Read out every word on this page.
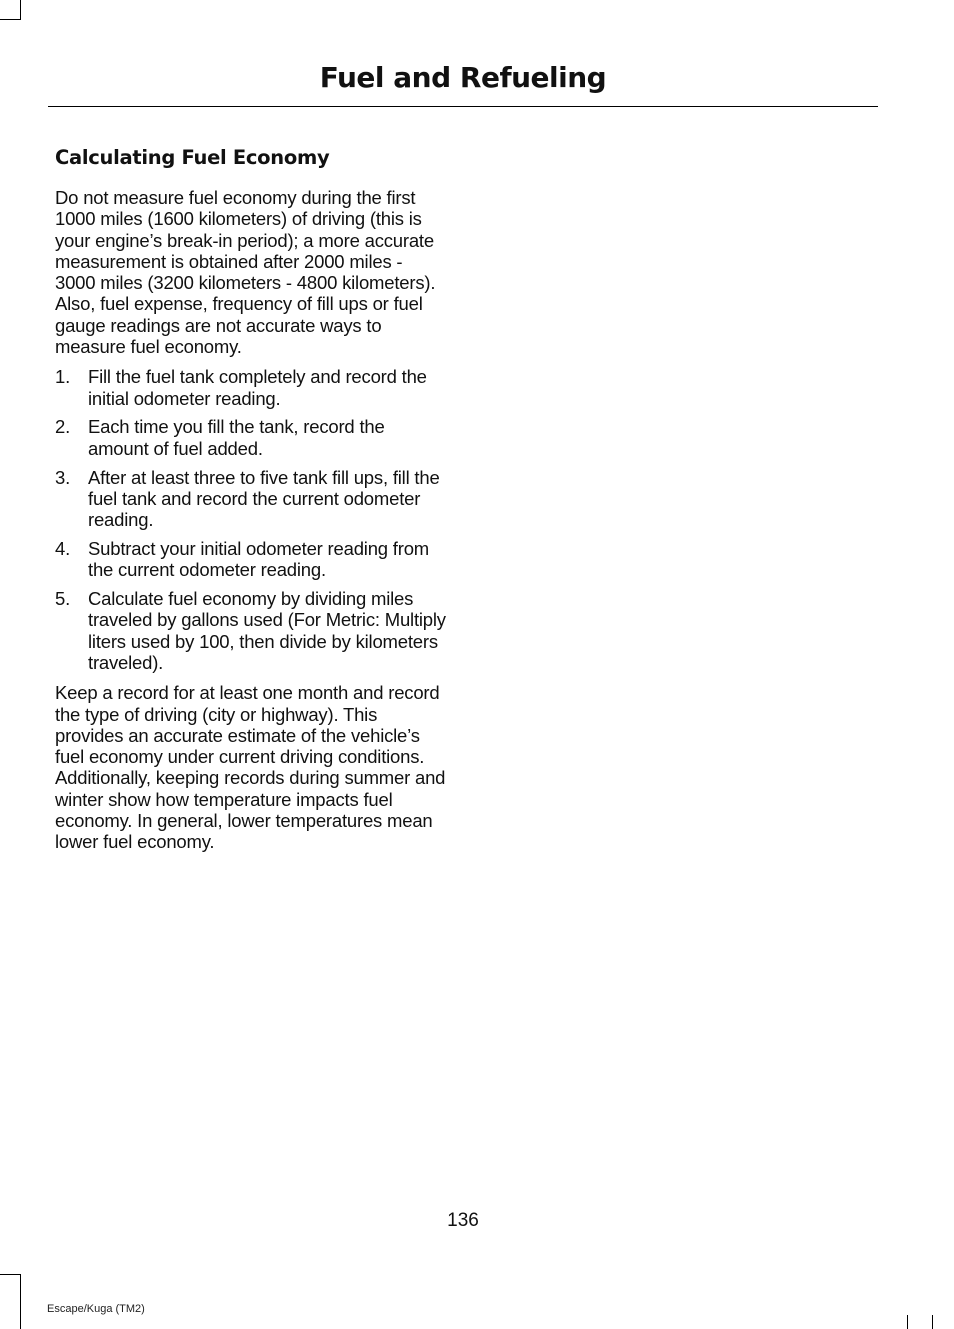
Fuel and Refueling
Calculating Fuel Economy

Do not measure fuel economy during the first 1000 miles (1600 kilometers) of driving (this is your engine’s break-in period); a more accurate measurement is obtained after 2000 miles - 3000 miles (3200 kilometers - 4800 kilometers). Also, fuel expense, frequency of fill ups or fuel gauge readings are not accurate ways to measure fuel economy.

1. Fill the fuel tank completely and record the initial odometer reading.
2. Each time you fill the tank, record the amount of fuel added.
3. After at least three to five tank fill ups, fill the fuel tank and record the current odometer reading.
4. Subtract your initial odometer reading from the current odometer reading.
5. Calculate fuel economy by dividing miles traveled by gallons used (For Metric: Multiply liters used by 100, then divide by kilometers traveled).

Keep a record for at least one month and record the type of driving (city or highway). This provides an accurate estimate of the vehicle’s fuel economy under current driving conditions. Additionally, keeping records during summer and winter show how temperature impacts fuel economy. In general, lower temperatures mean lower fuel economy.

136
Escape/Kuga (TM2)
